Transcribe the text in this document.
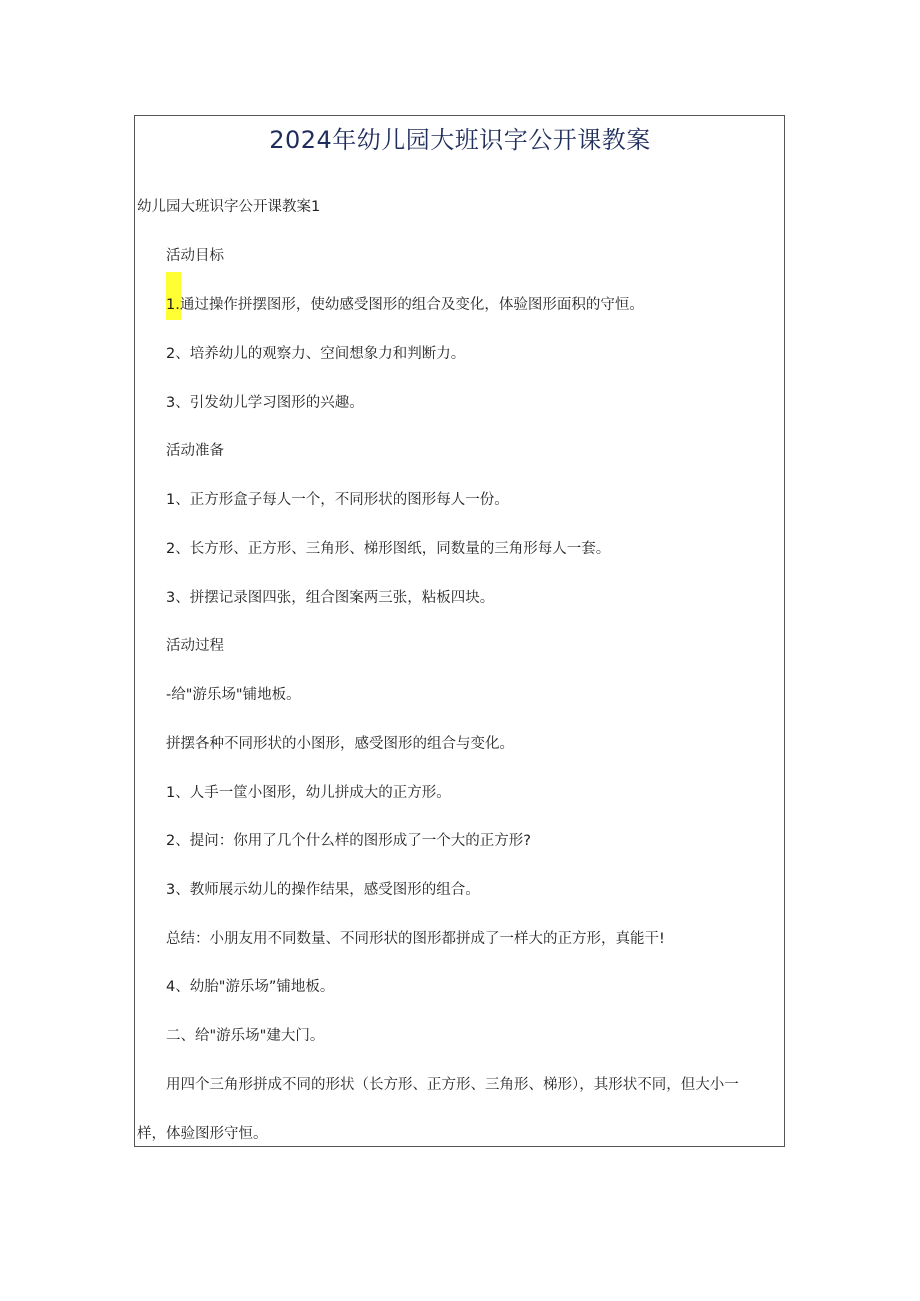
2024年幼儿园大班识字公开课教案
幼儿园大班识字公开课教案1
活动目标
1.通过操作拼摆图形，使幼感受图形的组合及变化，体验图形面积的守恒。
2、培养幼儿的观察力、空间想象力和判断力。
3、引发幼儿学习图形的兴趣。
活动准备
1、正方形盒子每人一个，不同形状的图形每人一份。
2、长方形、正方形、三角形、梯形图纸，同数量的三角形每人一套。
3、拼摆记录图四张，组合图案两三张，粘板四块。
活动过程
-给"游乐场"铺地板。
拼摆各种不同形状的小图形，感受图形的组合与变化。
1、人手一筐小图形，幼儿拼成大的正方形。
2、提问：你用了几个什么样的图形成了一个大的正方形?
3、教师展示幼儿的操作结果，感受图形的组合。
总结：小朋友用不同数量、不同形状的图形都拼成了一样大的正方形，真能干!
4、幼胎"游乐场”铺地板。
二、给"游乐场"建大门。
用四个三角形拼成不同的形状（长方形、正方形、三角形、梯形），其形状不同，但大小一
样，体验图形守恒。
